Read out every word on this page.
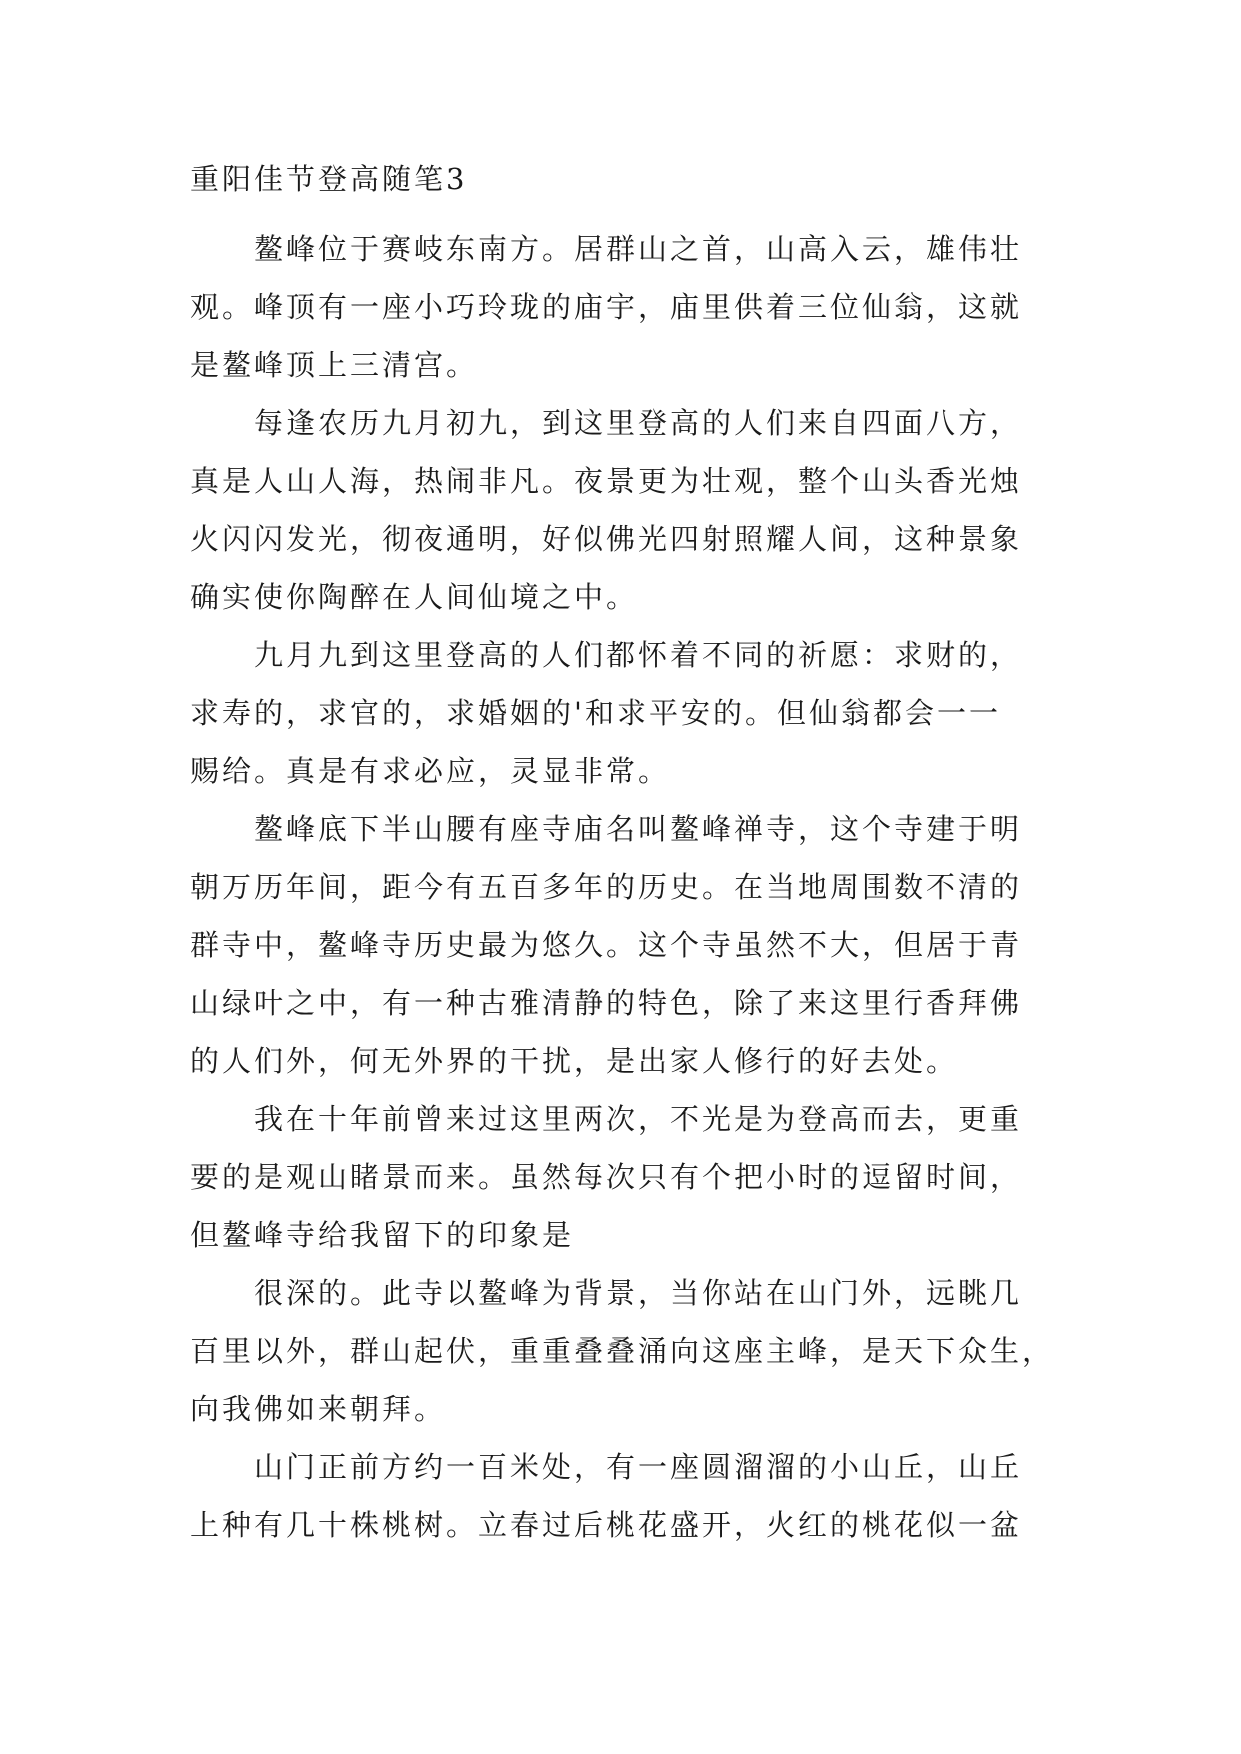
重阳佳节登高随笔3
鳌峰位于赛岐东南方。居群山之首，山高入云，雄伟壮
观。峰顶有一座小巧玲珑的庙宇，庙里供着三位仙翁，这就
是鳌峰顶上三清宫。
每逢农历九月初九，到这里登高的人们来自四面八方，
真是人山人海，热闹非凡。夜景更为壮观，整个山头香光烛
火闪闪发光，彻夜通明，好似佛光四射照耀人间，这种景象
确实使你陶醉在人间仙境之中。
九月九到这里登高的人们都怀着不同的祈愿：求财的，
求寿的，求官的，求婚姻的'和求平安的。但仙翁都会一一
赐给。真是有求必应，灵显非常。
鳌峰底下半山腰有座寺庙名叫鳌峰禅寺，这个寺建于明
朝万历年间，距今有五百多年的历史。在当地周围数不清的
群寺中，鳌峰寺历史最为悠久。这个寺虽然不大，但居于青
山绿叶之中，有一种古雅清静的特色，除了来这里行香拜佛
的人们外，何无外界的干扰，是出家人修行的好去处。
我在十年前曾来过这里两次，不光是为登高而去，更重
要的是观山睹景而来。虽然每次只有个把小时的逗留时间，
但鳌峰寺给我留下的印象是
很深的。此寺以鳌峰为背景，当你站在山门外，远眺几
百里以外，群山起伏，重重叠叠涌向这座主峰，是天下众生，
向我佛如来朝拜。
山门正前方约一百米处，有一座圆溜溜的小山丘，山丘
上种有几十株桃树。立春过后桃花盛开，火红的桃花似一盆
